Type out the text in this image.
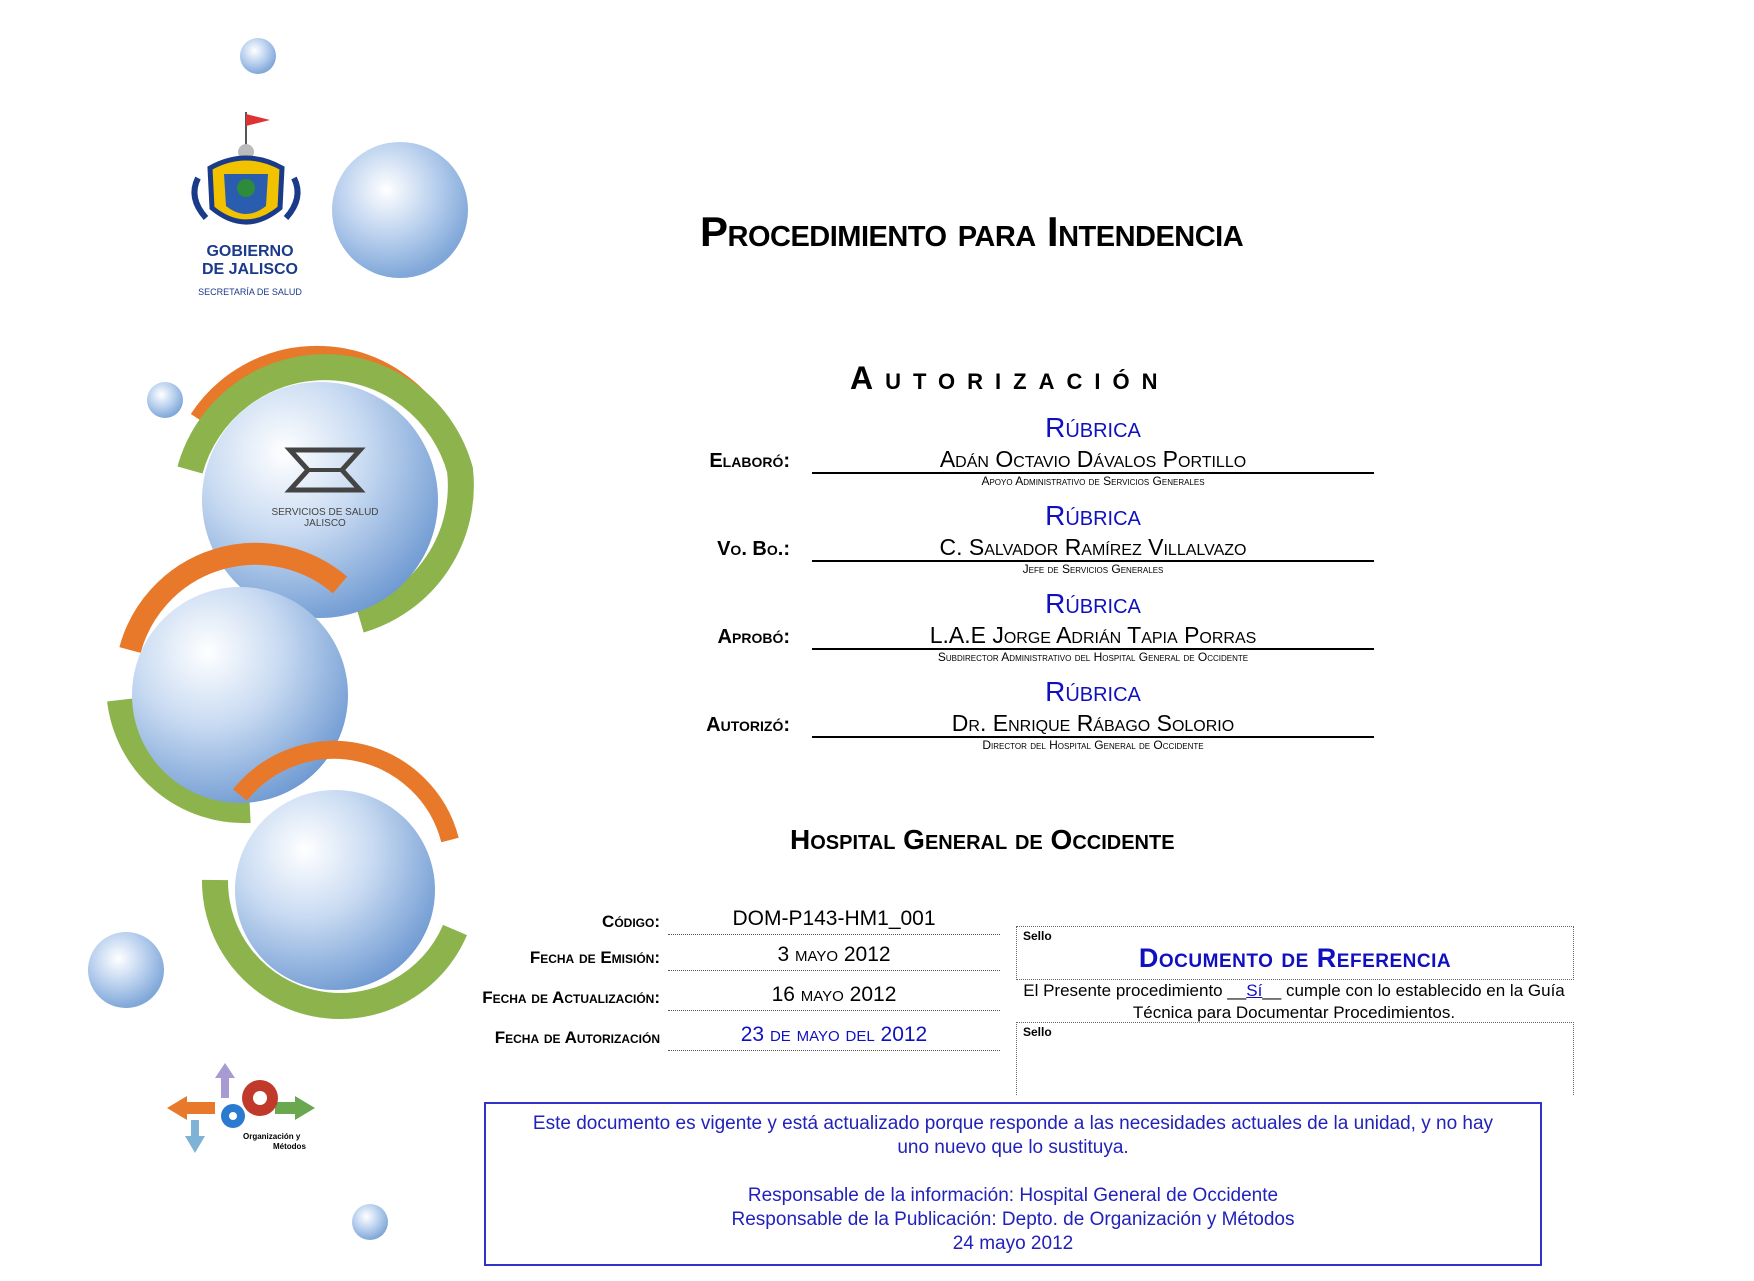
GOBIERNO
DE JALISCO
SECRETARÍA DE SALUD
SERVICIOS DE SALUD
JALISCO
Organización y
Métodos
Procedimiento para Intendencia
Autorización
Rúbrica
Elaboró:	Adán Octavio Dávalos Portillo
Apoyo Administrativo de Servicios Generales
Rúbrica
Vo. Bo.:	C. Salvador Ramírez Villalvazo
Jefe de Servicios Generales
Rúbrica
Aprobó:	L.A.E Jorge Adrián Tapia Porras
Subdirector Administrativo del Hospital General de Occidente
Rúbrica
Autorizó:	Dr. Enrique Rábago Solorio
Director del Hospital General de Occidente
Hospital General de Occidente
Código:	DOM-P143-HM1_001
Fecha de Emisión:	3 mayo 2012
Fecha de Actualización:	16 mayo 2012
Fecha de Autorización	23 de mayo del 2012
Sello
Documento de Referencia
El Presente procedimiento __Sí__ cumple con lo establecido en la Guía Técnica para Documentar Procedimientos.
Sello
Este documento es vigente y está actualizado porque responde a las necesidades actuales de la unidad, y no hay uno nuevo que lo sustituya.
Responsable de la información: Hospital General de Occidente
Responsable de la Publicación: Depto. de Organización y Métodos
24 mayo 2012
